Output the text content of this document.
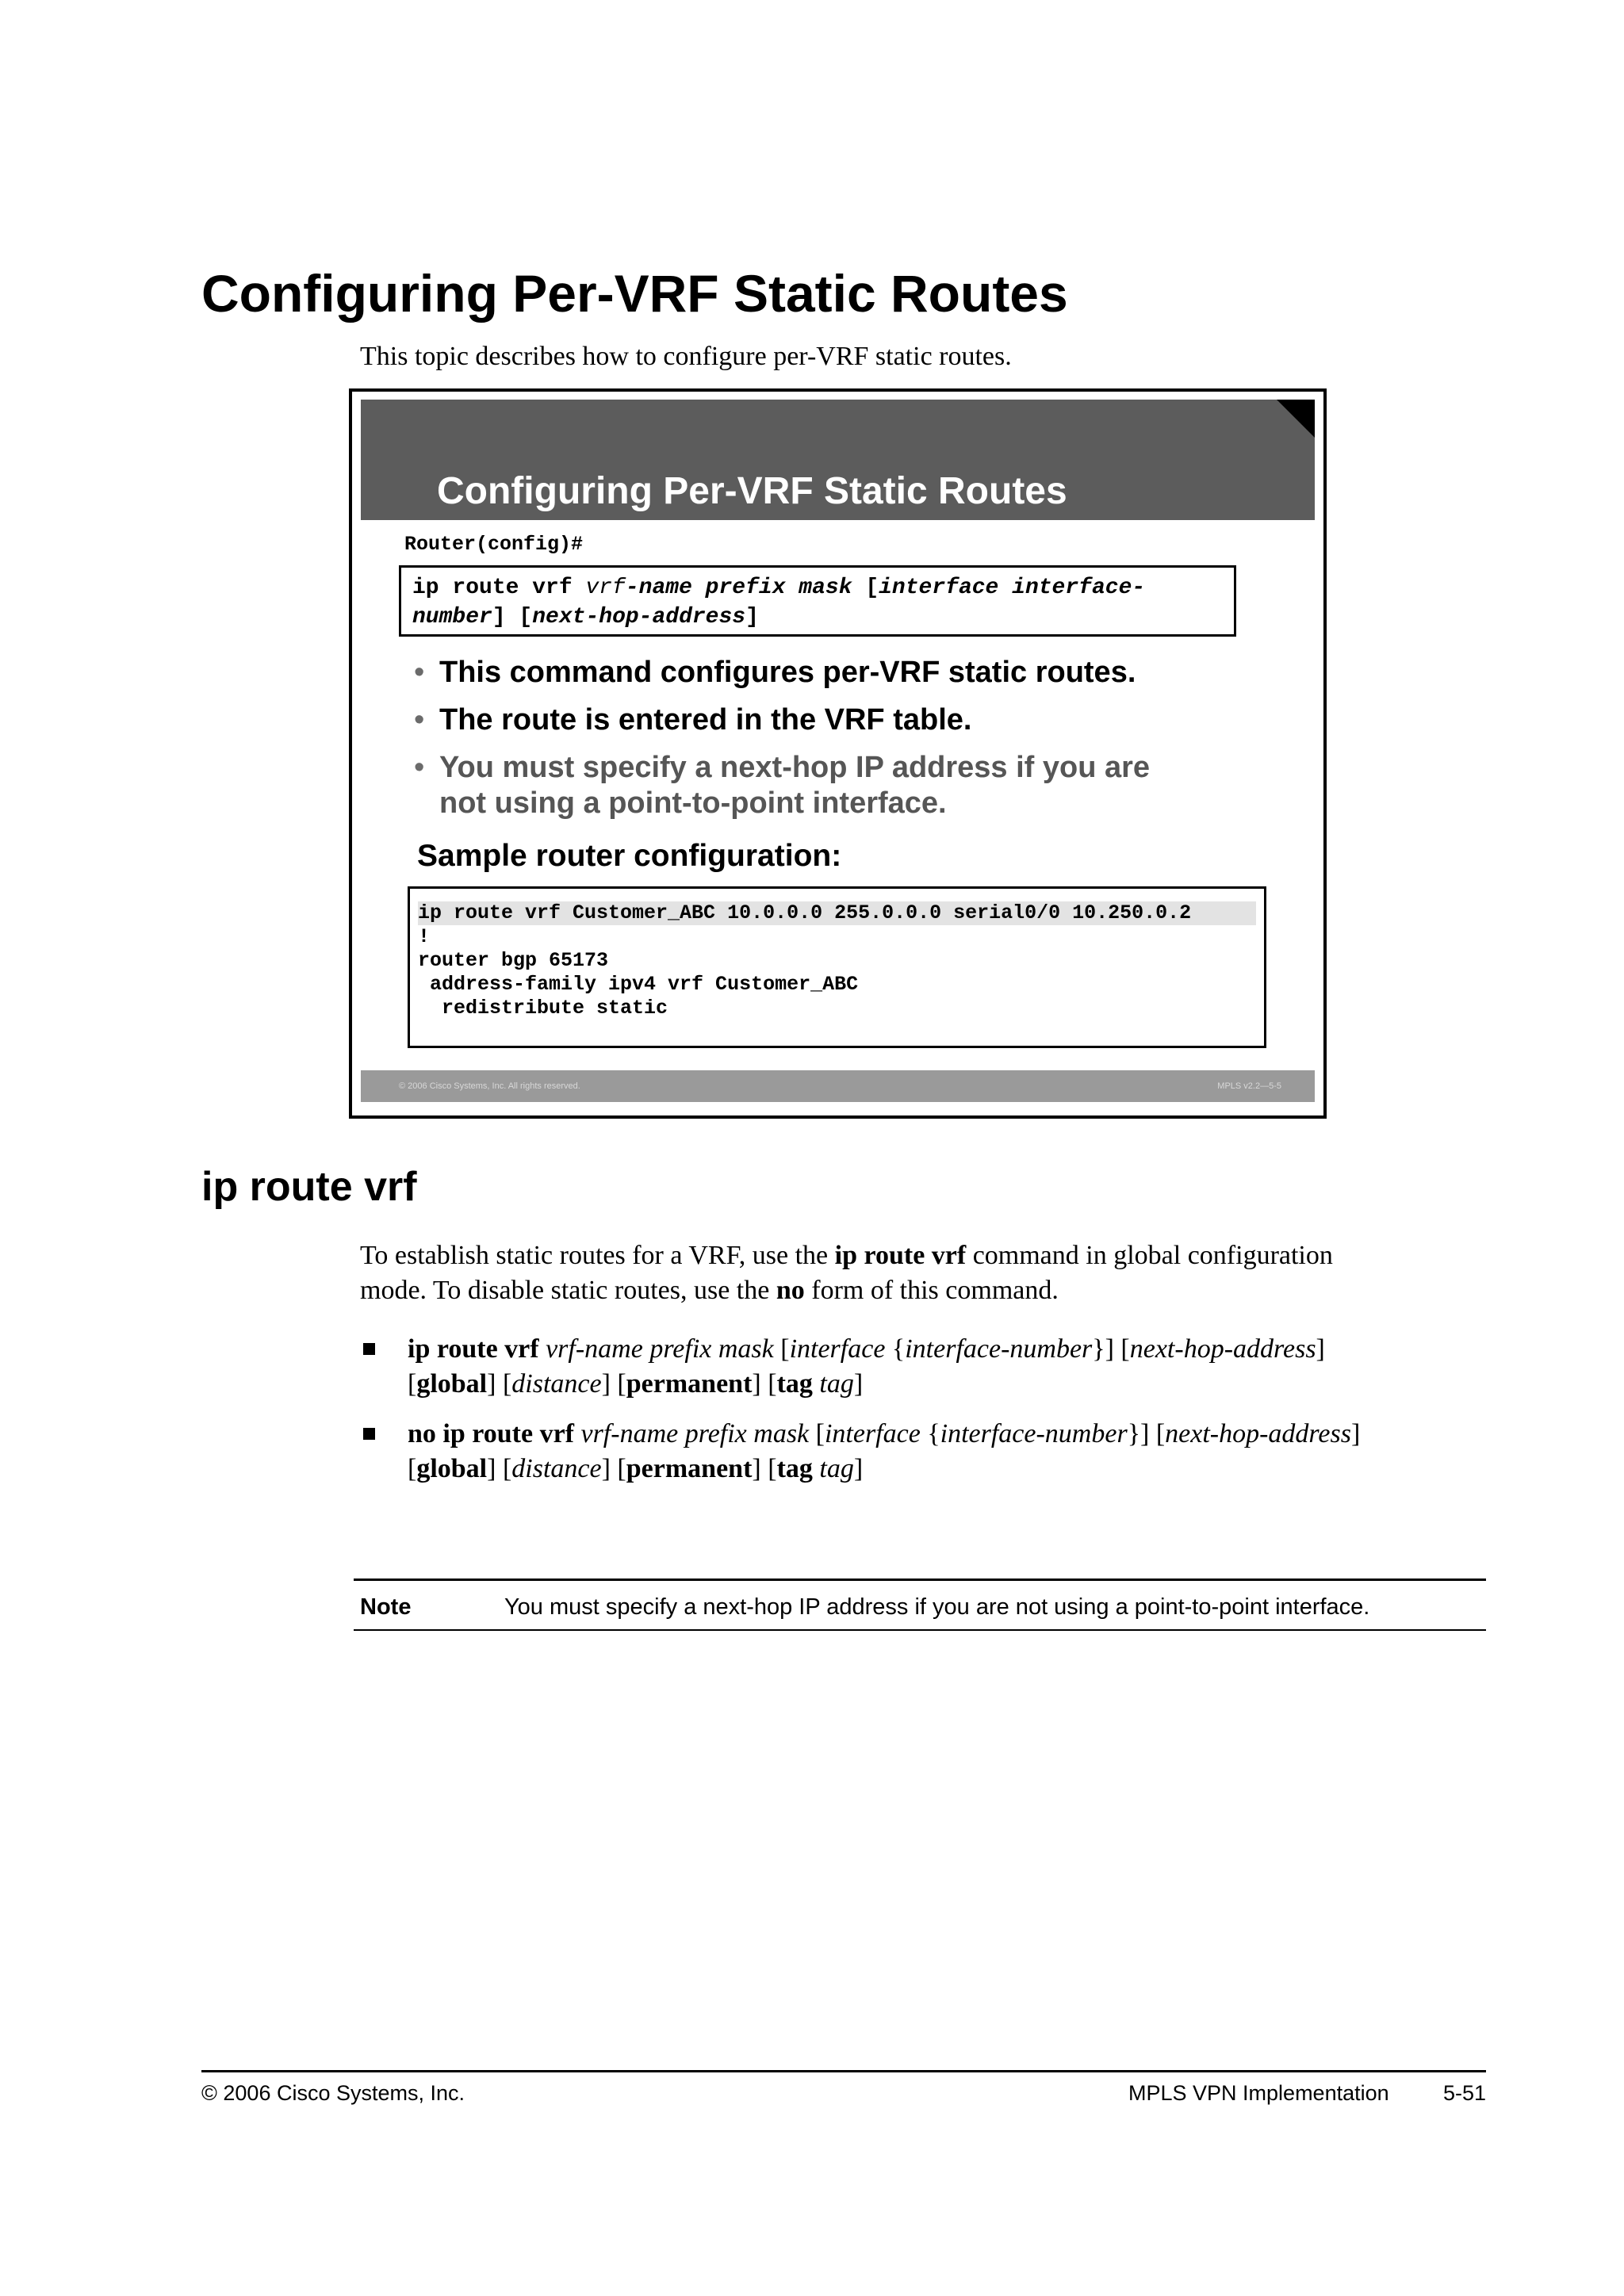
Configuring Per-VRF Static Routes
This topic describes how to configure per-VRF static routes.
Configuring Per-VRF Static Routes
Router(config)#
ip route vrf vrf-name prefix mask [interface interface-
number] [next-hop-address]
• This command configures per-VRF static routes.
• The route is entered in the VRF table.
• You must specify a next-hop IP address if you are
not using a point-to-point interface.
Sample router configuration:
ip route vrf Customer_ABC 10.0.0.0 255.0.0.0 serial0/0 10.250.0.2
!
router bgp 65173
address-family ipv4 vrf Customer_ABC
redistribute static
© 2006 Cisco Systems, Inc. All rights reserved.	MPLS v2.2—5-5
ip route vrf
To establish static routes for a VRF, use the ip route vrf command in global configuration
mode. To disable static routes, use the no form of this command.
ip route vrf vrf-name prefix mask [interface {interface-number}] [next-hop-address]
[global] [distance] [permanent] [tag tag]
no ip route vrf vrf-name prefix mask [interface {interface-number}] [next-hop-address]
[global] [distance] [permanent] [tag tag]
Note	You must specify a next-hop IP address if you are not using a point-to-point interface.
© 2006 Cisco Systems, Inc.	MPLS VPN Implementation	5-51
